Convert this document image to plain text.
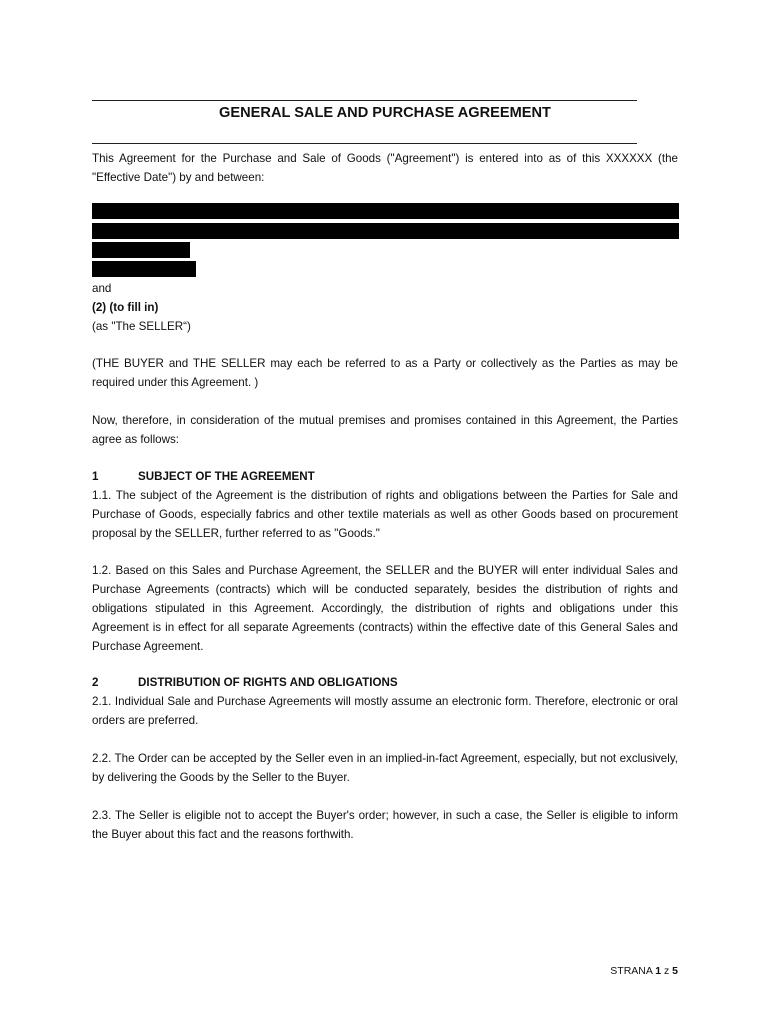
GENERAL SALE AND PURCHASE AGREEMENT

This Agreement for the Purchase and Sale of Goods ("Agreement") is entered into as of this XXXXXX (the "Effective Date") by and between:

and

(2) (to fill in)

(as "The SELLER“)

(THE BUYER and THE SELLER may each be referred to as a Party or collectively as the Parties as may be required under this Agreement. )

Now, therefore, in consideration of the mutual premises and promises contained in this Agreement, the Parties agree as follows:

1	SUBJECT OF THE AGREEMENT

1.1. The subject of the Agreement is the distribution of rights and obligations between the Parties for Sale and Purchase of Goods, especially fabrics and other textile materials as well as other Goods based on procurement proposal by the SELLER, further referred to as "Goods."

1.2. Based on this Sales and Purchase Agreement, the SELLER and the BUYER will enter individual Sales and Purchase Agreements (contracts) which will be conducted separately, besides the distribution of rights and obligations stipulated in this Agreement. Accordingly, the distribution of rights and obligations under this Agreement is in effect for all separate Agreements (contracts) within the effective date of this General Sales and Purchase Agreement.

2	DISTRIBUTION OF RIGHTS AND OBLIGATIONS

2.1. Individual Sale and Purchase Agreements will mostly assume an electronic form. Therefore, electronic or oral orders are preferred.

2.2. The Order can be accepted by the Seller even in an implied-in-fact Agreement, especially, but not exclusively, by delivering the Goods by the Seller to the Buyer.

2.3. The Seller is eligible not to accept the Buyer's order; however, in such a case, the Seller is eligible to inform the Buyer about this fact and the reasons forthwith.

STRANA 1 z 5
